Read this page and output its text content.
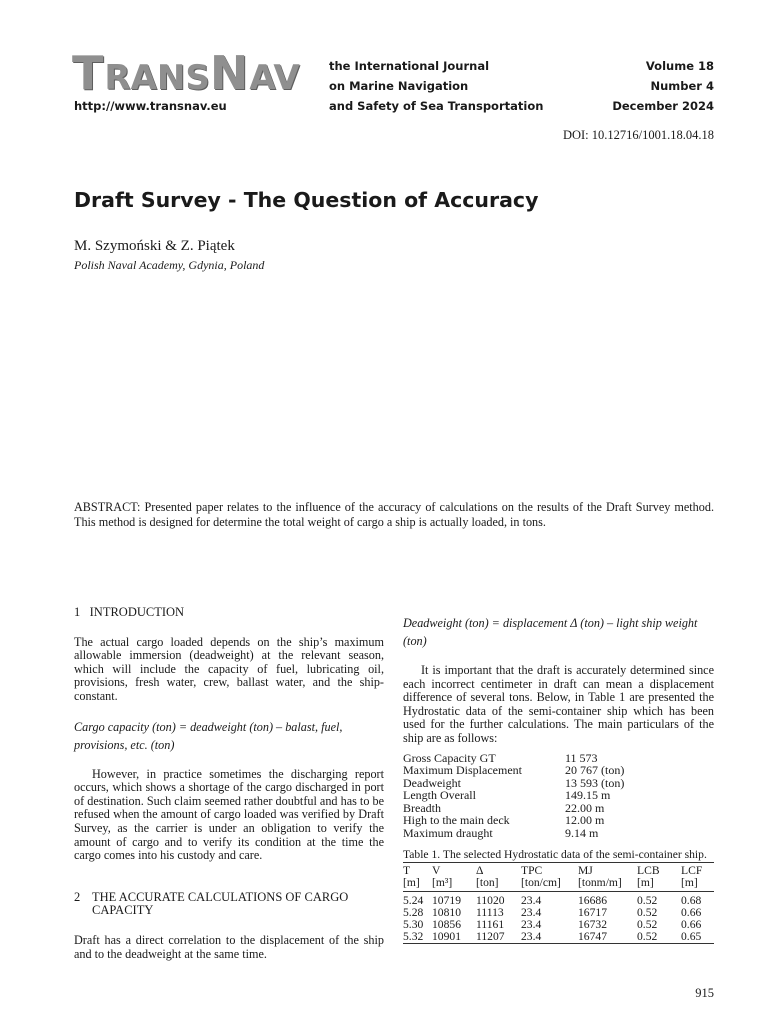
TRANSNAV
http://www.transnav.eu
the International Journal
on Marine Navigation
and Safety of Sea Transportation
Volume 18
Number 4
December 2024
DOI: 10.12716/1001.18.04.18
Draft Survey - The Question of Accuracy
M. Szymoński & Z. Piątek
Polish Naval Academy, Gdynia, Poland
ABSTRACT: Presented paper relates to the influence of the accuracy of calculations on the results of the Draft Survey method. This method is designed for determine the total weight of cargo a ship is actually loaded, in tons.

1   INTRODUCTION

The actual cargo loaded depends on the ship’s maximum allowable immersion (deadweight) at the relevant season, which will include the capacity of fuel, lubricating oil, provisions, fresh water, crew, ballast water, and the ship-constant.

Cargo capacity (ton) = deadweight (ton) – balast, fuel, provisions, etc. (ton)

However, in practice sometimes the discharging report occurs, which shows a shortage of the cargo discharged in port of destination. Such claim seemed rather doubtful and has to be refused when the amount of cargo loaded was verified by Draft Survey, as the carrier is under an obligation to verify the amount of cargo and to verify its condition at the time the cargo comes into his custody and care.

2 THE ACCURATE CALCULATIONS OF CARGO CAPACITY

Draft has a direct correlation to the displacement of the ship and to the deadweight at the same time.

Deadweight (ton) = displacement Δ (ton) – light ship weight (ton)

It is important that the draft is accurately determined since each incorrect centimeter in draft can mean a displacement difference of several tons. Below, in Table 1 are presented the Hydrostatic data of the semi-container ship which has been used for the further calculations. The main particulars of the ship are as follows:

Gross Capacity GT	11 573
Maximum Displacement	20 767 (ton)
Deadweight	13 593 (ton)
Length Overall	149.15 m
Breadth	22.00 m
High to the main deck	12.00 m
Maximum draught	9.14 m

Table 1. The selected Hydrostatic data of the semi-container ship.

T	V	Δ	TPC	MJ	LCB	LCF
[m]	[m³]	[ton]	[ton/cm]	[tonm/m]	[m]	[m]
5.24	10719	11020	23.4	16686	0.52	0.68
5.28	10810	11113	23.4	16717	0.52	0.66
5.30	10856	11161	23.4	16732	0.52	0.66
5.32	10901	11207	23.4	16747	0.52	0.65
915
